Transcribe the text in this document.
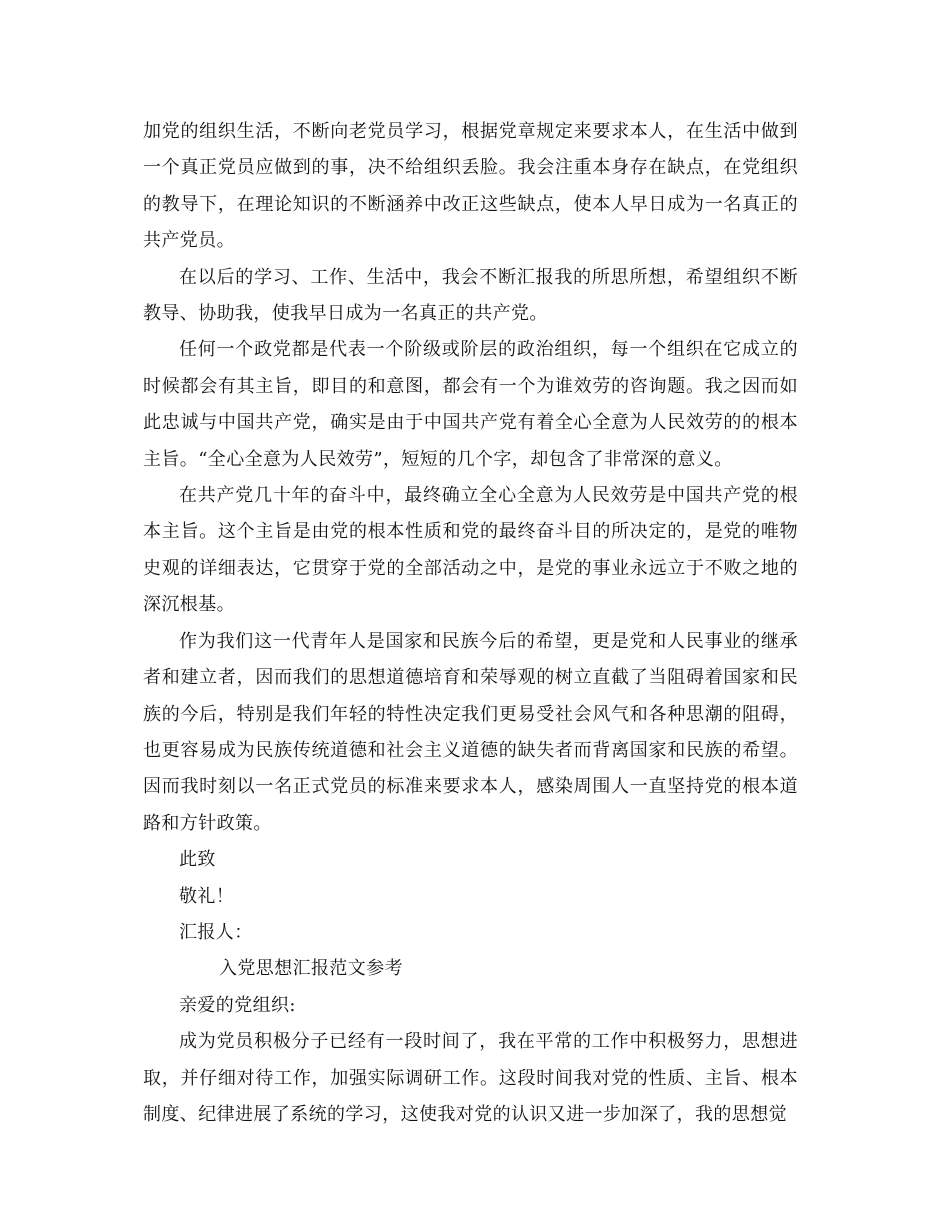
加党的组织生活，不断向老党员学习，根据党章规定来要求本人，在生活中做到一个真正党员应做到的事，决不给组织丢脸。我会注重本身存在缺点，在党组织的教导下，在理论知识的不断涵养中改正这些缺点，使本人早日成为一名真正的共产党员。

在以后的学习、工作、生活中，我会不断汇报我的所思所想，希望组织不断教导、协助我，使我早日成为一名真正的共产党。

任何一个政党都是代表一个阶级或阶层的政治组织，每一个组织在它成立的时候都会有其主旨，即目的和意图，都会有一个为谁效劳的咨询题。我之因而如此忠诚与中国共产党，确实是由于中国共产党有着全心全意为人民效劳的的根本主旨。“全心全意为人民效劳”，短短的几个字，却包含了非常深的意义。

在共产党几十年的奋斗中，最终确立全心全意为人民效劳是中国共产党的根本主旨。这个主旨是由党的根本性质和党的最终奋斗目的所决定的，是党的唯物史观的详细表达，它贯穿于党的全部活动之中，是党的事业永远立于不败之地的深沉根基。

作为我们这一代青年人是国家和民族今后的希望，更是党和人民事业的继承者和建立者，因而我们的思想道德培育和荣辱观的树立直截了当阻碍着国家和民族的今后，特别是我们年轻的特性决定我们更易受社会风气和各种思潮的阻碍，也更容易成为民族传统道德和社会主义道德的缺失者而背离国家和民族的希望。因而我时刻以一名正式党员的标准来要求本人，感染周围人一直坚持党的根本道路和方针政策。

此致

敬礼！

汇报人：

入党思想汇报范文参考

亲爱的党组织:

成为党员积极分子已经有一段时间了，我在平常的工作中积极努力，思想进取，并仔细对待工作，加强实际调研工作。这段时间我对党的性质、主旨、根本制度、纪律进展了系统的学习，这使我对党的认识又进一步加深了，我的思想觉
